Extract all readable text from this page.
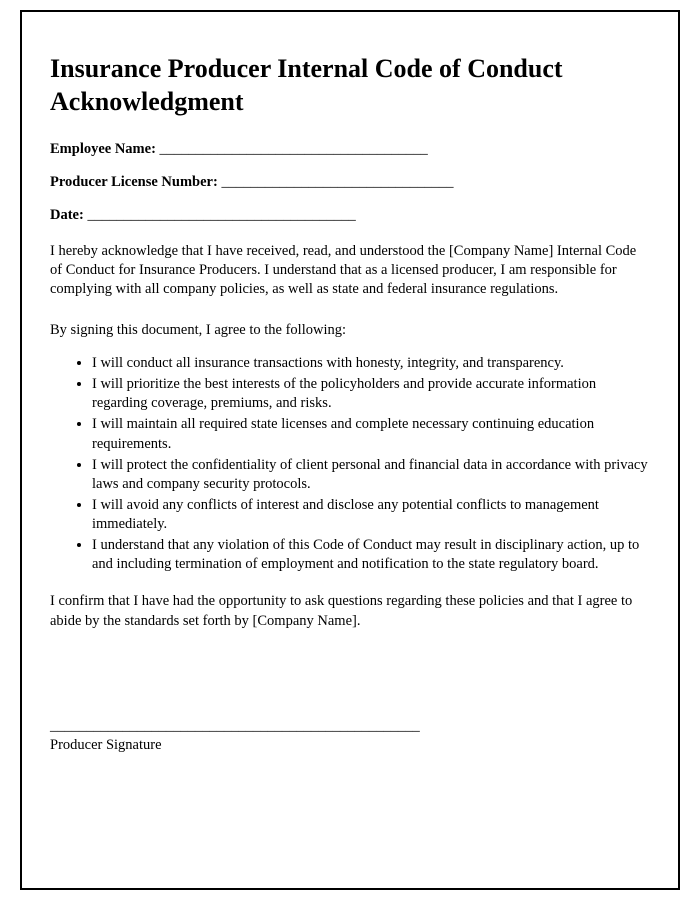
Insurance Producer Internal Code of Conduct Acknowledgment
Employee Name: _____________________________________
Producer License Number: ________________________________
Date: _____________________________________

I hereby acknowledge that I have received, read, and understood the [Company Name] Internal Code of Conduct for Insurance Producers. I understand that as a licensed producer, I am responsible for complying with all company policies, as well as state and federal insurance regulations.

By signing this document, I agree to the following:

• I will conduct all insurance transactions with honesty, integrity, and transparency.
• I will prioritize the best interests of the policyholders and provide accurate information regarding coverage, premiums, and risks.
• I will maintain all required state licenses and complete necessary continuing education requirements.
• I will protect the confidentiality of client personal and financial data in accordance with privacy laws and company security protocols.
• I will avoid any conflicts of interest and disclose any potential conflicts to management immediately.
• I understand that any violation of this Code of Conduct may result in disciplinary action, up to and including termination of employment and notification to the state regulatory board.

I confirm that I have had the opportunity to ask questions regarding these policies and that I agree to abide by the standards set forth by [Company Name].

___________________________________________________
Producer Signature
